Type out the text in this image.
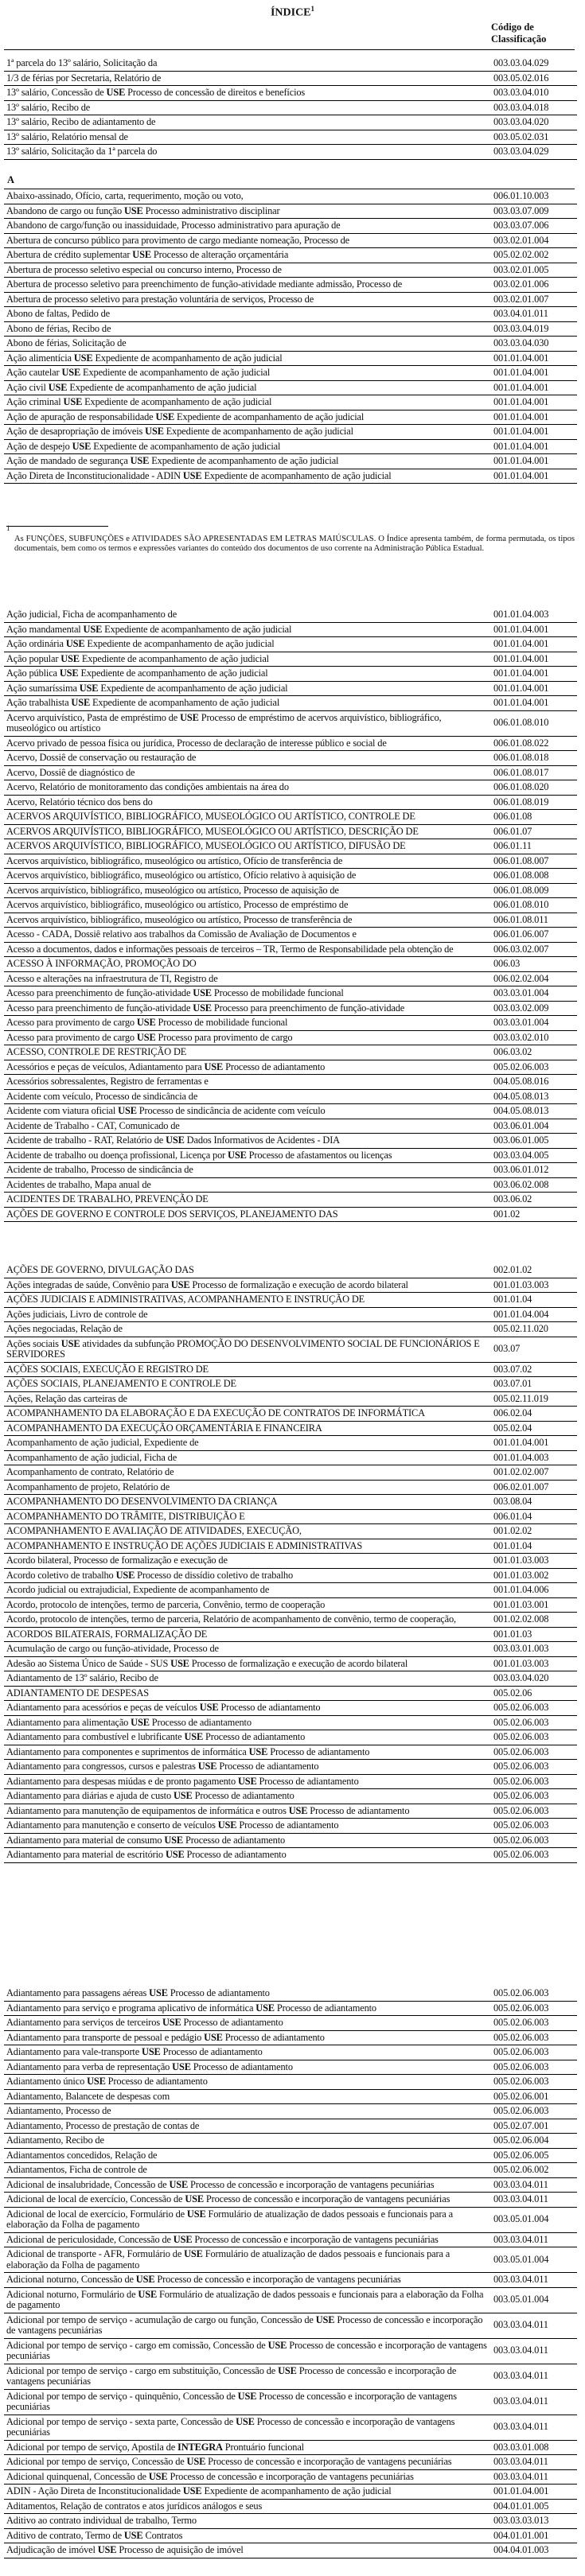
ÍNDICE$^1$
Código de
Classificação
1ª parcela do 13º salário, Solicitação da	003.03.04.029
1/3 de férias por Secretaria, Relatório de	003.05.02.016
13º salário, Concessão de USE Processo de concessão de direitos e benefícios	003.03.04.010
13º salário, Recibo de	003.03.04.018
13º salário, Recibo de adiantamento de	003.03.04.020
13º salário, Relatório mensal de	003.05.02.031
13º salário, Solicitação da 1ª parcela do	003.03.04.029
A
Abaixo-assinado, Ofício, carta, requerimento, moção ou voto,	006.01.10.003
Abandono de cargo ou função USE Processo administrativo disciplinar	003.03.07.009
Abandono de cargo/função ou inassiduidade, Processo administrativo para apuração de	003.03.07.006
Abertura de concurso público para provimento de cargo mediante nomeação, Processo de	003.02.01.004
Abertura de crédito suplementar USE Processo de alteração orçamentária	005.02.02.002
Abertura de processo seletivo especial ou concurso interno, Processo de	003.02.01.005
Abertura de processo seletivo para preenchimento de função-atividade mediante admissão, Processo de	003.02.01.006
Abertura de processo seletivo para prestação voluntária de serviços, Processo de	003.02.01.007
Abono de faltas, Pedido de	003.04.01.011
Abono de férias, Recibo de	003.03.04.019
Abono de férias, Solicitação de	003.03.04.030
Ação alimentícia USE Expediente de acompanhamento de ação judicial	001.01.04.001
Ação cautelar USE Expediente de acompanhamento de ação judicial	001.01.04.001
Ação civil USE Expediente de acompanhamento de ação judicial	001.01.04.001
Ação criminal USE Expediente de acompanhamento de ação judicial	001.01.04.001
Ação de apuração de responsabilidade USE Expediente de acompanhamento de ação judicial	001.01.04.001
Ação de desapropriação de imóveis USE Expediente de acompanhamento de ação judicial	001.01.04.001
Ação de despejo USE Expediente de acompanhamento de ação judicial	001.01.04.001
Ação de mandado de segurança USE Expediente de acompanhamento de ação judicial	001.01.04.001
Ação Direta de Inconstitucionalidade - ADIN USE Expediente de acompanhamento de ação judicial	001.01.04.001
1
As FUNÇÕES, SUBFUNÇÕES e ATIVIDADES SÃO APRESENTADAS EM LETRAS MAIÚSCULAS. O Índice apresenta também, de forma permutada, os tipos documentais, bem como os termos e expressões variantes do conteúdo dos documentos de uso corrente na Administração Pública Estadual.
Ação judicial, Ficha de acompanhamento de	001.01.04.003
Ação mandamental USE Expediente de acompanhamento de ação judicial	001.01.04.001
Ação ordinária USE Expediente de acompanhamento de ação judicial	001.01.04.001
Ação popular USE Expediente de acompanhamento de ação judicial	001.01.04.001
Ação pública USE Expediente de acompanhamento de ação judicial	001.01.04.001
Ação sumaríssima USE Expediente de acompanhamento de ação judicial	001.01.04.001
Ação trabalhista USE Expediente de acompanhamento de ação judicial	001.01.04.001
Acervo arquivístico, Pasta de empréstimo de USE Processo de empréstimo de acervos arquivístico, bibliográfico, museológico ou artístico	006.01.08.010
Acervo privado de pessoa física ou jurídica, Processo de declaração de interesse público e social de	006.01.08.022
Acervo, Dossiê de conservação ou restauração de	006.01.08.018
Acervo, Dossiê de diagnóstico de	006.01.08.017
Acervo, Relatório de monitoramento das condições ambientais na área do	006.01.08.020
Acervo, Relatório técnico dos bens do	006.01.08.019
ACERVOS ARQUIVÍSTICO, BIBLIOGRÁFICO, MUSEOLÓGICO OU ARTÍSTICO, CONTROLE DE	006.01.08
ACERVOS ARQUIVÍSTICO, BIBLIOGRÁFICO, MUSEOLÓGICO OU ARTÍSTICO, DESCRIÇÃO DE	006.01.07
ACERVOS ARQUIVÍSTICO, BIBLIOGRÁFICO, MUSEOLÓGICO OU ARTÍSTICO, DIFUSÃO DE	006.01.11
Acervos arquivístico, bibliográfico, museológico ou artístico, Ofício de transferência de	006.01.08.007
Acervos arquivístico, bibliográfico, museológico ou artístico, Ofício relativo à aquisição de	006.01.08.008
Acervos arquivístico, bibliográfico, museológico ou artístico, Processo de aquisição de	006.01.08.009
Acervos arquivístico, bibliográfico, museológico ou artístico, Processo de empréstimo de	006.01.08.010
Acervos arquivístico, bibliográfico, museológico ou artístico, Processo de transferência de	006.01.08.011
Acesso - CADA, Dossiê relativo aos trabalhos da Comissão de Avaliação de Documentos e	006.01.06.007
Acesso a documentos, dados e informações pessoais de terceiros – TR, Termo de Responsabilidade pela obtenção de	006.03.02.007
ACESSO À INFORMAÇÃO, PROMOÇÃO DO	006.03
Acesso e alterações na infraestrutura de TI, Registro de	006.02.02.004
Acesso para preenchimento de função-atividade USE Processo de mobilidade funcional	003.03.01.004
Acesso para preenchimento de função-atividade USE Processo para preenchimento de função-atividade	003.03.02.009
Acesso para provimento de cargo USE Processo de mobilidade funcional	003.03.01.004
Acesso para provimento de cargo USE Processo para provimento de cargo	003.03.02.010
ACESSO, CONTROLE DE RESTRIÇÃO DE	006.03.02
Acessórios e peças de veículos, Adiantamento para USE Processo de adiantamento	005.02.06.003
Acessórios sobressalentes, Registro de ferramentas e	004.05.08.016
Acidente com veículo, Processo de sindicância de	004.05.08.013
Acidente com viatura oficial USE Processo de sindicância de acidente com veículo	004.05.08.013
Acidente de Trabalho - CAT, Comunicado de	003.06.01.004
Acidente de trabalho - RAT, Relatório de USE Dados Informativos de Acidentes - DIA	003.06.01.005
Acidente de trabalho ou doença profissional, Licença por USE Processo de afastamentos ou licenças	003.03.04.005
Acidente de trabalho, Processo de sindicância de	003.06.01.012
Acidentes de trabalho, Mapa anual de	003.06.02.008
ACIDENTES DE TRABALHO, PREVENÇÃO DE	003.06.02
AÇÕES DE GOVERNO E CONTROLE DOS SERVIÇOS, PLANEJAMENTO DAS	001.02
AÇÕES DE GOVERNO, DIVULGAÇÃO DAS	002.01.02
Ações integradas de saúde, Convênio para USE Processo de formalização e execução de acordo bilateral	001.01.03.003
AÇÕES JUDICIAIS E ADMINISTRATIVAS, ACOMPANHAMENTO E INSTRUÇÃO DE	001.01.04
Ações judiciais, Livro de controle de	001.01.04.004
Ações negociadas, Relação de	005.02.11.020
Ações sociais USE atividades da subfunção PROMOÇÃO DO DESENVOLVIMENTO SOCIAL DE FUNCIONÁRIOS E SERVIDORES	003.07
AÇÕES SOCIAIS, EXECUÇÃO E REGISTRO DE	003.07.02
AÇÕES SOCIAIS, PLANEJAMENTO E CONTROLE DE	003.07.01
Ações, Relação das carteiras de	005.02.11.019
ACOMPANHAMENTO DA ELABORAÇÃO E DA EXECUÇÃO DE CONTRATOS DE INFORMÁTICA	006.02.04
ACOMPANHAMENTO DA EXECUÇÃO ORÇAMENTÁRIA E FINANCEIRA	005.02.04
Acompanhamento de ação judicial, Expediente de	001.01.04.001
Acompanhamento de ação judicial, Ficha de	001.01.04.003
Acompanhamento de contrato, Relatório de	001.02.02.007
Acompanhamento de projeto, Relatório de	006.02.01.007
ACOMPANHAMENTO DO DESENVOLVIMENTO DA CRIANÇA	003.08.04
ACOMPANHAMENTO DO TRÂMITE, DISTRIBUIÇÃO E	006.01.04
ACOMPANHAMENTO E AVALIAÇÃO DE ATIVIDADES, EXECUÇÃO,	001.02.02
ACOMPANHAMENTO E INSTRUÇÃO DE AÇÕES JUDICIAIS E ADMINISTRATIVAS	001.01.04
Acordo bilateral, Processo de formalização e execução de	001.01.03.003
Acordo coletivo de trabalho USE Processo de dissídio coletivo de trabalho	001.01.03.002
Acordo judicial ou extrajudicial, Expediente de acompanhamento de	001.01.04.006
Acordo, protocolo de intenções, termo de parceria, Convênio, termo de cooperação	001.01.03.001
Acordo, protocolo de intenções, termo de parceria, Relatório de acompanhamento de convênio, termo de cooperação,	001.02.02.008
ACORDOS BILATERAIS, FORMALIZAÇÃO DE	001.01.03
Acumulação de cargo ou função-atividade, Processo de	003.03.01.003
Adesão ao Sistema Único de Saúde - SUS USE Processo de formalização e execução de acordo bilateral	001.01.03.003
Adiantamento de 13º salário, Recibo de	003.03.04.020
ADIANTAMENTO DE DESPESAS	005.02.06
Adiantamento para acessórios e peças de veículos USE Processo de adiantamento	005.02.06.003
Adiantamento para alimentação USE Processo de adiantamento	005.02.06.003
Adiantamento para combustível e lubrificante USE Processo de adiantamento	005.02.06.003
Adiantamento para componentes e suprimentos de informática USE Processo de adiantamento	005.02.06.003
Adiantamento para congressos, cursos e palestras USE Processo de adiantamento	005.02.06.003
Adiantamento para despesas miúdas e de pronto pagamento USE Processo de adiantamento	005.02.06.003
Adiantamento para diárias e ajuda de custo USE Processo de adiantamento	005.02.06.003
Adiantamento para manutenção de equipamentos de informática e outros USE Processo de adiantamento	005.02.06.003
Adiantamento para manutenção e conserto de veículos USE Processo de adiantamento	005.02.06.003
Adiantamento para material de consumo USE Processo de adiantamento	005.02.06.003
Adiantamento para material de escritório USE Processo de adiantamento	005.02.06.003
Adiantamento para passagens aéreas USE Processo de adiantamento	005.02.06.003
Adiantamento para serviço e programa aplicativo de informática USE Processo de adiantamento	005.02.06.003
Adiantamento para serviços de terceiros USE Processo de adiantamento	005.02.06.003
Adiantamento para transporte de pessoal e pedágio USE Processo de adiantamento	005.02.06.003
Adiantamento para vale-transporte USE Processo de adiantamento	005.02.06.003
Adiantamento para verba de representação USE Processo de adiantamento	005.02.06.003
Adiantamento único USE Processo de adiantamento	005.02.06.003
Adiantamento, Balancete de despesas com	005.02.06.001
Adiantamento, Processo de	005.02.06.003
Adiantamento, Processo de prestação de contas de	005.02.07.001
Adiantamento, Recibo de	005.02.06.004
Adiantamentos concedidos, Relação de	005.02.06.005
Adiantamentos, Ficha de controle de	005.02.06.002
Adicional de insalubridade, Concessão de USE Processo de concessão e incorporação de vantagens pecuniárias	003.03.04.011
Adicional de local de exercício, Concessão de USE Processo de concessão e incorporação de vantagens pecuniárias	003.03.04.011
Adicional de local de exercício, Formulário de USE Formulário de atualização de dados pessoais e funcionais para a elaboração da Folha de pagamento	003.05.01.004
Adicional de periculosidade, Concessão de USE Processo de concessão e incorporação de vantagens pecuniárias	003.03.04.011
Adicional de transporte - AFR, Formulário de USE Formulário de atualização de dados pessoais e funcionais para a elaboração da Folha de pagamento	003.05.01.004
Adicional noturno, Concessão de USE Processo de concessão e incorporação de vantagens pecuniárias	003.03.04.011
Adicional noturno, Formulário de USE Formulário de atualização de dados pessoais e funcionais para a elaboração da Folha de pagamento	003.05.01.004
Adicional por tempo de serviço - acumulação de cargo ou função, Concessão de USE Processo de concessão e incorporação de vantagens pecuniárias	003.03.04.011
Adicional por tempo de serviço - cargo em comissão, Concessão de USE Processo de concessão e incorporação de vantagens pecuniárias	003.03.04.011
Adicional por tempo de serviço - cargo em substituição, Concessão de USE Processo de concessão e incorporação de vantagens pecuniárias	003.03.04.011
Adicional por tempo de serviço - quinquênio, Concessão de USE Processo de concessão e incorporação de vantagens pecuniárias	003.03.04.011
Adicional por tempo de serviço - sexta parte, Concessão de USE Processo de concessão e incorporação de vantagens pecuniárias	003.03.04.011
Adicional por tempo de serviço, Apostila de INTEGRA Prontuário funcional	003.03.01.008
Adicional por tempo de serviço, Concessão de USE Processo de concessão e incorporação de vantagens pecuniárias	003.03.04.011
Adicional quinquenal, Concessão de USE Processo de concessão e incorporação de vantagens pecuniárias	003.03.04.011
ADIN - Ação Direta de Inconstitucionalidade USE Expediente de acompanhamento de ação judicial	001.01.04.001
Aditamentos, Relação de contratos e atos jurídicos análogos e seus	004.01.01.005
Aditivo ao contrato individual de trabalho, Termo	003.03.03.013
Aditivo de contrato, Termo de USE Contratos	004.01.01.001
Adjudicação de imóvel USE Processo de aquisição de imóvel	004.04.01.003
